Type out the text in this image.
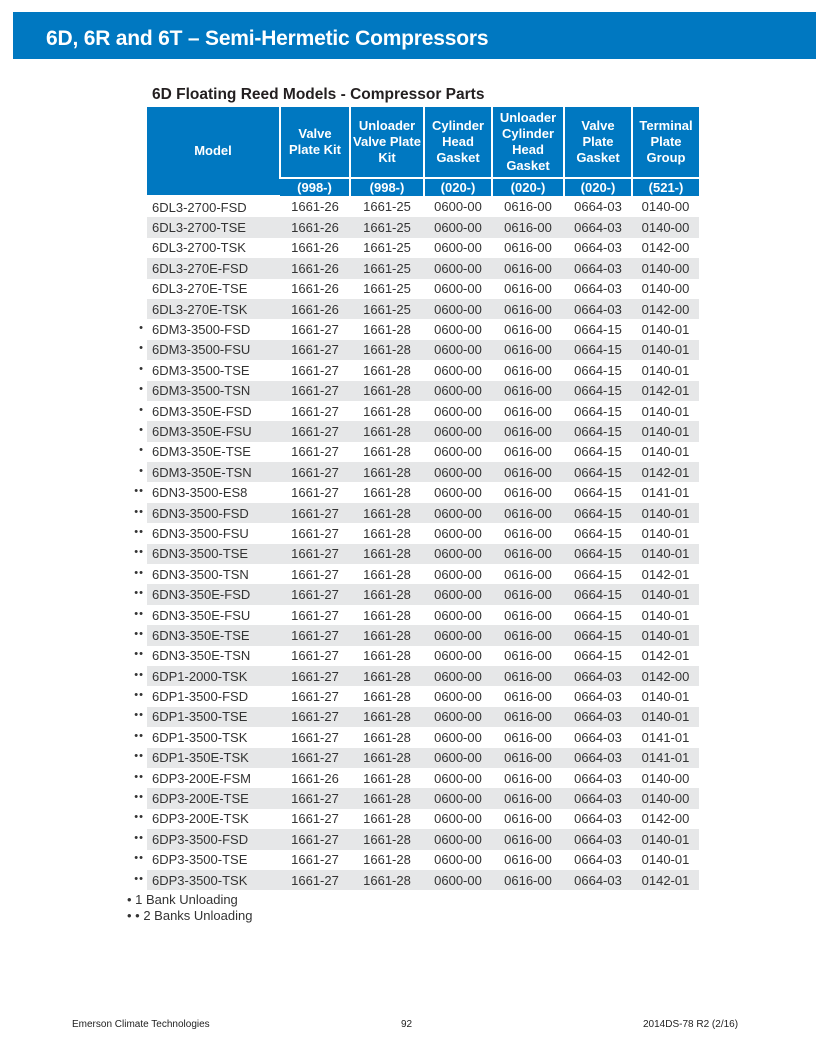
6D, 6R and 6T – Semi-Hermetic Compressors
6D Floating Reed Models - Compressor Parts
Model	Valve Plate Kit	Unloader Valve Plate Kit	Cylinder Head Gasket	Unloader Cylinder Head Gasket	Valve Plate Gasket	Terminal Plate Group
	(998-)	(998-)	(020-)	(020-)	(020-)	(521-)

6DL3-2700-FSD	1661-26	1661-25	0600-00	0616-00	0664-03	0140-00

6DL3-2700-TSE	1661-26	1661-25	0600-00	0616-00	0664-03	0140-00

6DL3-2700-TSK	1661-26	1661-25	0600-00	0616-00	0664-03	0142-00

6DL3-270E-FSD	1661-26	1661-25	0600-00	0616-00	0664-03	0140-00

6DL3-270E-TSE	1661-26	1661-25	0600-00	0616-00	0664-03	0140-00

6DL3-270E-TSK	1661-26	1661-25	0600-00	0616-00	0664-03	0142-00

• 6DM3-3500-FSD	1661-27	1661-28	0600-00	0616-00	0664-15	0140-01

• 6DM3-3500-FSU	1661-27	1661-28	0600-00	0616-00	0664-15	0140-01

• 6DM3-3500-TSE	1661-27	1661-28	0600-00	0616-00	0664-15	0140-01

• 6DM3-3500-TSN	1661-27	1661-28	0600-00	0616-00	0664-15	0142-01

• 6DM3-350E-FSD	1661-27	1661-28	0600-00	0616-00	0664-15	0140-01

• 6DM3-350E-FSU	1661-27	1661-28	0600-00	0616-00	0664-15	0140-01

• 6DM3-350E-TSE	1661-27	1661-28	0600-00	0616-00	0664-15	0140-01

• 6DM3-350E-TSN	1661-27	1661-28	0600-00	0616-00	0664-15	0142-01

•• 6DN3-3500-ES8	1661-27	1661-28	0600-00	0616-00	0664-15	0141-01

•• 6DN3-3500-FSD	1661-27	1661-28	0600-00	0616-00	0664-15	0140-01

•• 6DN3-3500-FSU	1661-27	1661-28	0600-00	0616-00	0664-15	0140-01

•• 6DN3-3500-TSE	1661-27	1661-28	0600-00	0616-00	0664-15	0140-01

•• 6DN3-3500-TSN	1661-27	1661-28	0600-00	0616-00	0664-15	0142-01

•• 6DN3-350E-FSD	1661-27	1661-28	0600-00	0616-00	0664-15	0140-01

•• 6DN3-350E-FSU	1661-27	1661-28	0600-00	0616-00	0664-15	0140-01

•• 6DN3-350E-TSE	1661-27	1661-28	0600-00	0616-00	0664-15	0140-01

•• 6DN3-350E-TSN	1661-27	1661-28	0600-00	0616-00	0664-15	0142-01

•• 6DP1-2000-TSK	1661-27	1661-28	0600-00	0616-00	0664-03	0142-00

•• 6DP1-3500-FSD	1661-27	1661-28	0600-00	0616-00	0664-03	0140-01

•• 6DP1-3500-TSE	1661-27	1661-28	0600-00	0616-00	0664-03	0140-01

•• 6DP1-3500-TSK	1661-27	1661-28	0600-00	0616-00	0664-03	0141-01

•• 6DP1-350E-TSK	1661-27	1661-28	0600-00	0616-00	0664-03	0141-01

•• 6DP3-200E-FSM	1661-26	1661-28	0600-00	0616-00	0664-03	0140-00

•• 6DP3-200E-TSE	1661-27	1661-28	0600-00	0616-00	0664-03	0140-00

•• 6DP3-200E-TSK	1661-27	1661-28	0600-00	0616-00	0664-03	0142-00

•• 6DP3-3500-FSD	1661-27	1661-28	0600-00	0616-00	0664-03	0140-01

•• 6DP3-3500-TSE	1661-27	1661-28	0600-00	0616-00	0664-03	0140-01

•• 6DP3-3500-TSK	1661-27	1661-28	0600-00	0616-00	0664-03	0142-01
• 1 Bank Unloading
• • 2 Banks Unloading
Emerson Climate Technologies	92	2014DS-78 R2 (2/16)
